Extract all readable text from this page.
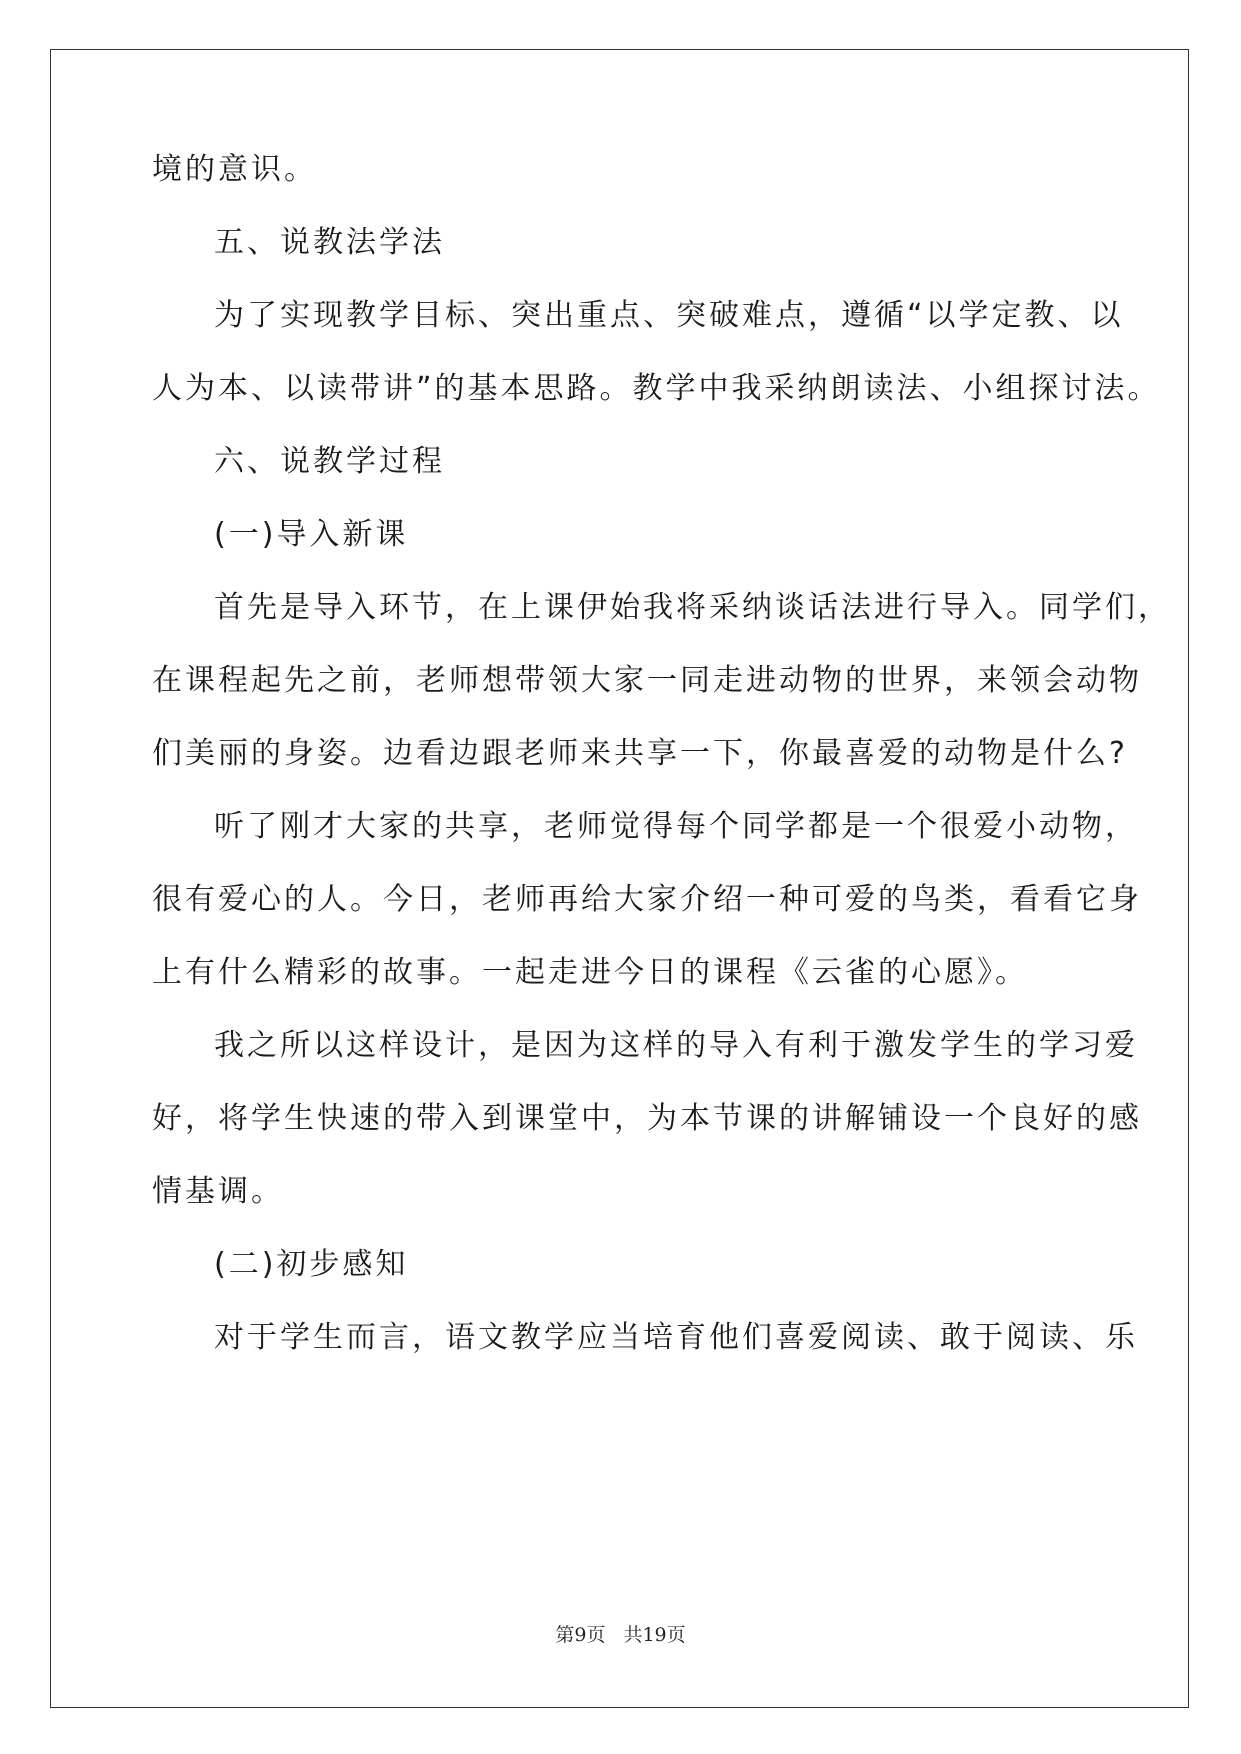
境的意识。

五、说教法学法

为了实现教学目标、突出重点、突破难点，遵循“以学定教、以

人为本、以读带讲”的基本思路。教学中我采纳朗读法、小组探讨法。

六、说教学过程

(一)导入新课

首先是导入环节，在上课伊始我将采纳谈话法进行导入。同学们，

在课程起先之前，老师想带领大家一同走进动物的世界，来领会动物

们美丽的身姿。边看边跟老师来共享一下，你最喜爱的动物是什么?

听了刚才大家的共享，老师觉得每个同学都是一个很爱小动物，

很有爱心的人。今日，老师再给大家介绍一种可爱的鸟类，看看它身

上有什么精彩的故事。一起走进今日的课程《云雀的心愿》。

我之所以这样设计，是因为这样的导入有利于激发学生的学习爱

好，将学生快速的带入到课堂中，为本节课的讲解铺设一个良好的感

情基调。

(二)初步感知

对于学生而言，语文教学应当培育他们喜爱阅读、敢于阅读、乐

第9页 共19页
